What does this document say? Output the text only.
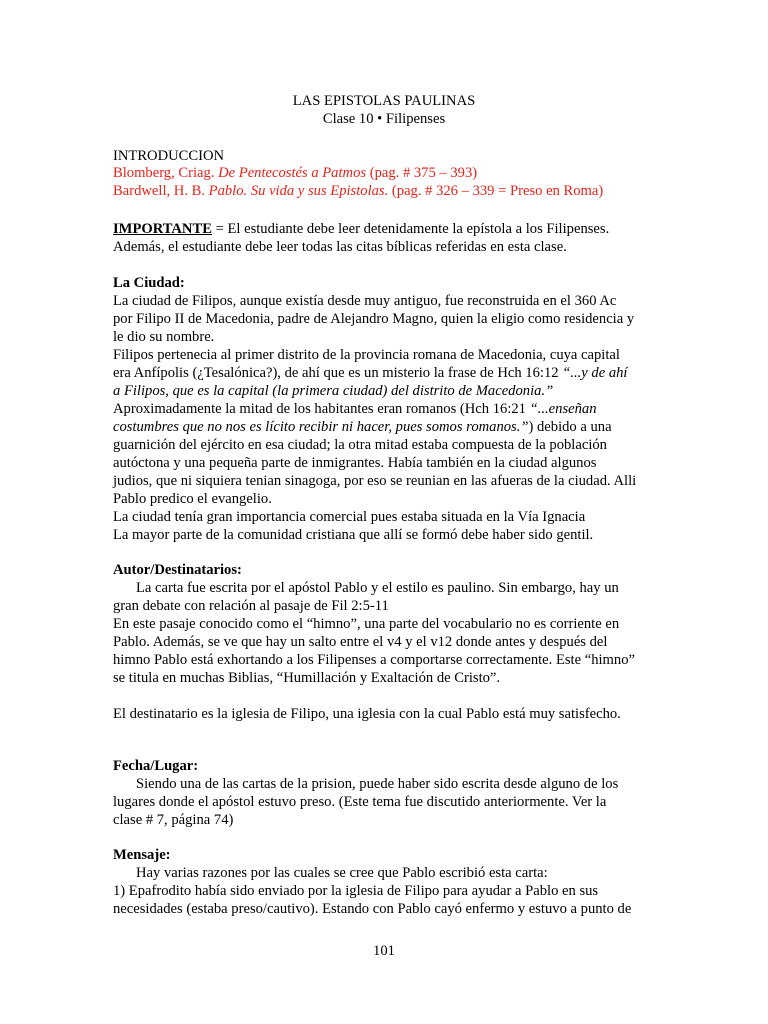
LAS EPISTOLAS PAULINAS
Clase 10 • Filipenses
INTRODUCCION
Blomberg, Criag. De Pentecostés a Patmos (pag. # 375 – 393)
Bardwell, H. B. Pablo. Su vida y sus Epistolas. (pag. # 326 – 339 = Preso en Roma)
IMPORTANTE = El estudiante debe leer detenidamente la epístola a los Filipenses.
Además, el estudiante debe leer todas las citas bíblicas referidas en esta clase.
La Ciudad:
La ciudad de Filipos, aunque existía desde muy antiguo, fue reconstruida en el 360 Ac
por Filipo II de Macedonia, padre de Alejandro Magno, quien la eligio como residencia y
le dio su nombre.
Filipos pertenecia al primer distrito de la provincia romana de Macedonia, cuya capital
era Anfípolis (¿Tesalónica?), de ahí que es un misterio la frase de Hch 16:12 “...y de ahí
a Filipos, que es la capital (la primera ciudad) del distrito de Macedonia.”
Aproximadamente la mitad de los habitantes eran romanos (Hch 16:21 “...enseñan
costumbres que no nos es lícito recibir ni hacer, pues somos romanos.”) debido a una
guarnición del ejército en esa ciudad; la otra mitad estaba compuesta de la población
autóctona y una pequeña parte de inmigrantes. Había también en la ciudad algunos
judios, que ni siquiera tenian sinagoga, por eso se reunian en las afueras de la ciudad. Alli
Pablo predico el evangelio.
La ciudad tenía gran importancia comercial pues estaba situada en la Vía Ignacia
La mayor parte de la comunidad cristiana que allí se formó debe haber sido gentil.
Autor/Destinatarios:
La carta fue escrita por el apóstol Pablo y el estilo es paulino. Sin embargo, hay un
gran debate con relación al pasaje de Fil 2:5-11
En este pasaje conocido como el “himno”, una parte del vocabulario no es corriente en
Pablo. Además, se ve que hay un salto entre el v4 y el v12 donde antes y después del
himno Pablo está exhortando a los Filipenses a comportarse correctamente. Este “himno”
se titula en muchas Biblias, “Humillación y Exaltación de Cristo”.
El destinatario es la iglesia de Filipo, una iglesia con la cual Pablo está muy satisfecho.
Fecha/Lugar:
Siendo una de las cartas de la prision, puede haber sido escrita desde alguno de los
lugares donde el apóstol estuvo preso. (Este tema fue discutido anteriormente. Ver la
clase # 7, página 74)
Mensaje:
Hay varias razones por las cuales se cree que Pablo escribió esta carta:
1) Epafrodito había sido enviado por la iglesia de Filipo para ayudar a Pablo en sus
necesidades (estaba preso/cautivo). Estando con Pablo cayó enfermo y estuvo a punto de
101
